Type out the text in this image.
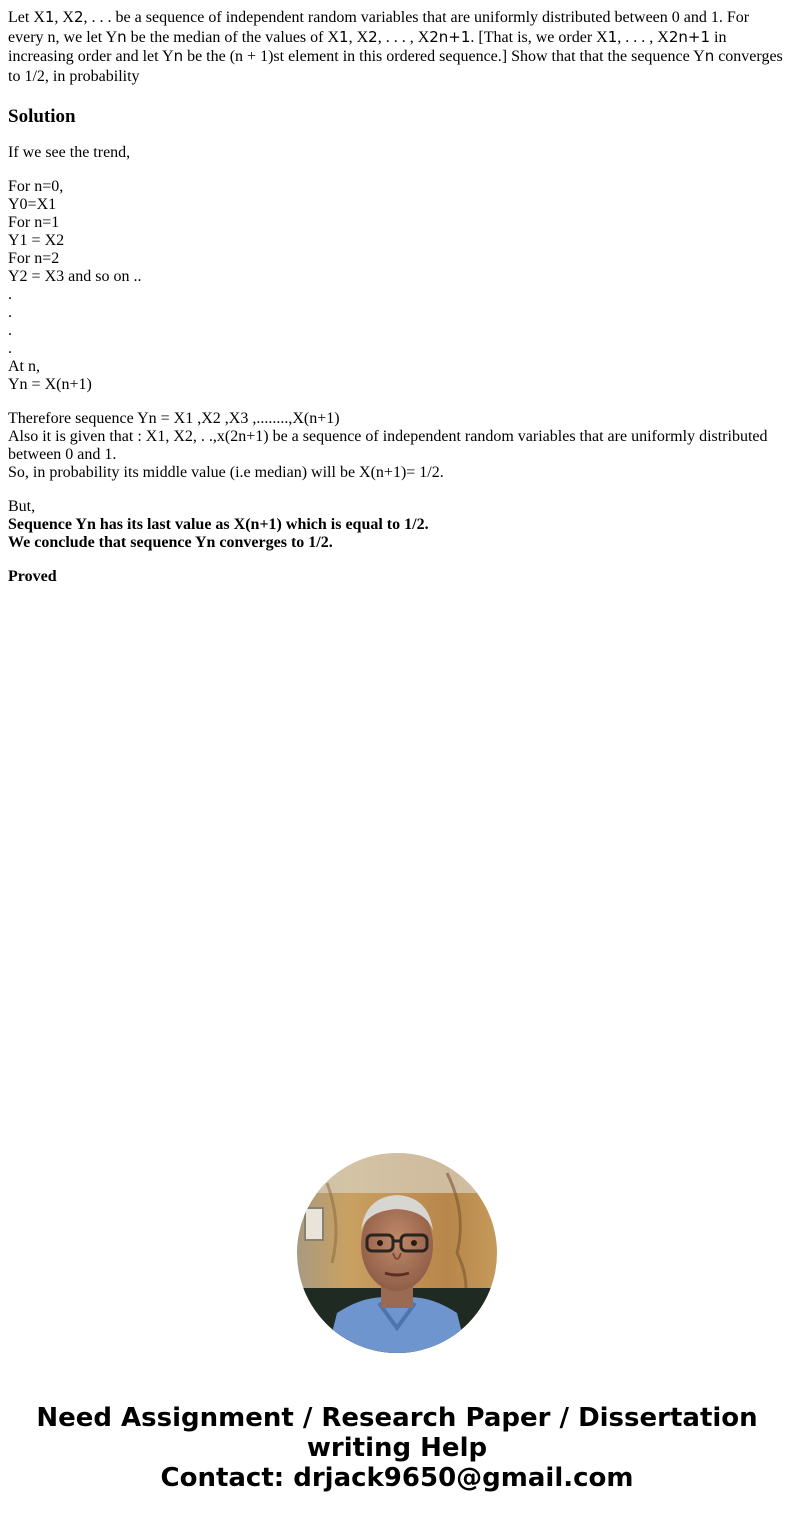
Let X1, X2, . . . be a sequence of independent random variables that are uniformly distributed between 0 and 1. For every n, we let Yn be the median of the values of X1, X2, . . . , X2n+1. [That is, we order X1, . . . , X2n+1 in increasing order and let Yn be the (n + 1)st element in this ordered sequence.] Show that that the sequence Yn converges to 1/2, in probability

Solution

If we see the trend,

For n=0,
Y0=X1
For n=1
Y1 = X2
For n=2
Y2 = X3 and so on ..
.
.
.
.
At n,
Yn = X(n+1)
Therefore sequence Yn = X1 ,X2 ,X3 ,........,X(n+1)
Also it is given that : X1, X2, . .,x(2n+1) be a sequence of independent random variables that are uniformly distributed between 0 and 1.
So, in probability its middle value (i.e median) will be X(n+1)= 1/2.
But,
Sequence Yn has its last value as X(n+1) which is equal to 1/2.
We conclude that sequence Yn converges to 1/2.
Proved
Need Assignment / Research Paper / Dissertation
writing Help
Contact: drjack9650@gmail.com
